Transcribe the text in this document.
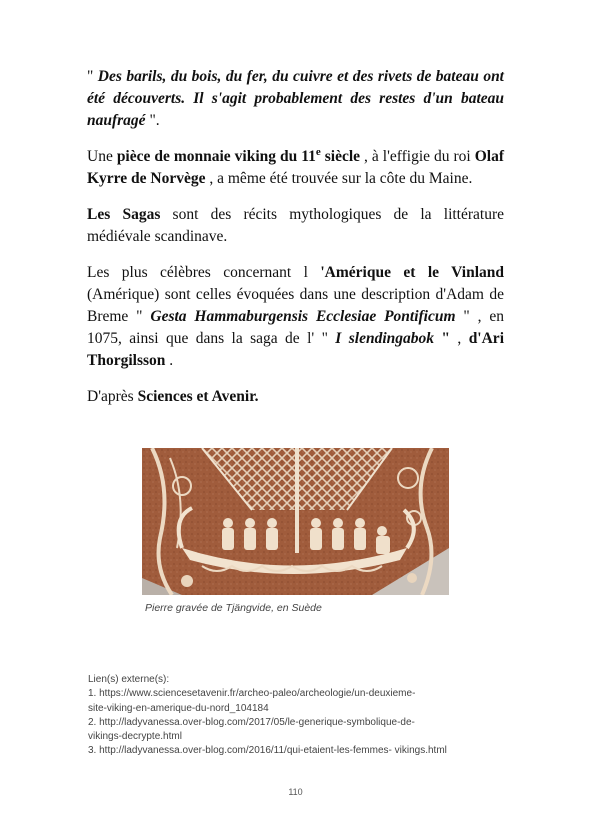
" Des barils, du bois, du fer, du cuivre et des rivets de bateau ont été découverts. Il s'agit probablement des restes d'un bateau naufragé ".

Une pièce de monnaie viking du 11e siècle , à l'effigie du roi Olaf Kyrre de Norvège , a même été trouvée sur la côte du Maine.

Les Sagas sont des récits mythologiques de la littérature médiévale scandinave.

Les plus célèbres concernant l 'Amérique et le Vinland (Amérique) sont celles évoquées dans une description d'Adam de Breme " Gesta Hammaburgensis Ecclesiae Pontificum " , en 1075, ainsi que dans la saga de l' " I slendingabok " , d'Ari Thorgilsson .

D'après Sciences et Avenir.

Pierre gravée de Tjängvide, en Suède
Lien(s) externe(s):
1. https://www.sciencesetavenir.fr/archeo-paleo/archeologie/un-deuxieme-
site-viking-en-amerique-du-nord_104184
2. http://ladyvanessa.over-blog.com/2017/05/le-generique-symbolique-de-
vikings-decrypte.html
3. http://ladyvanessa.over-blog.com/2016/11/qui-etaient-les-femmes- vikings.html
110
